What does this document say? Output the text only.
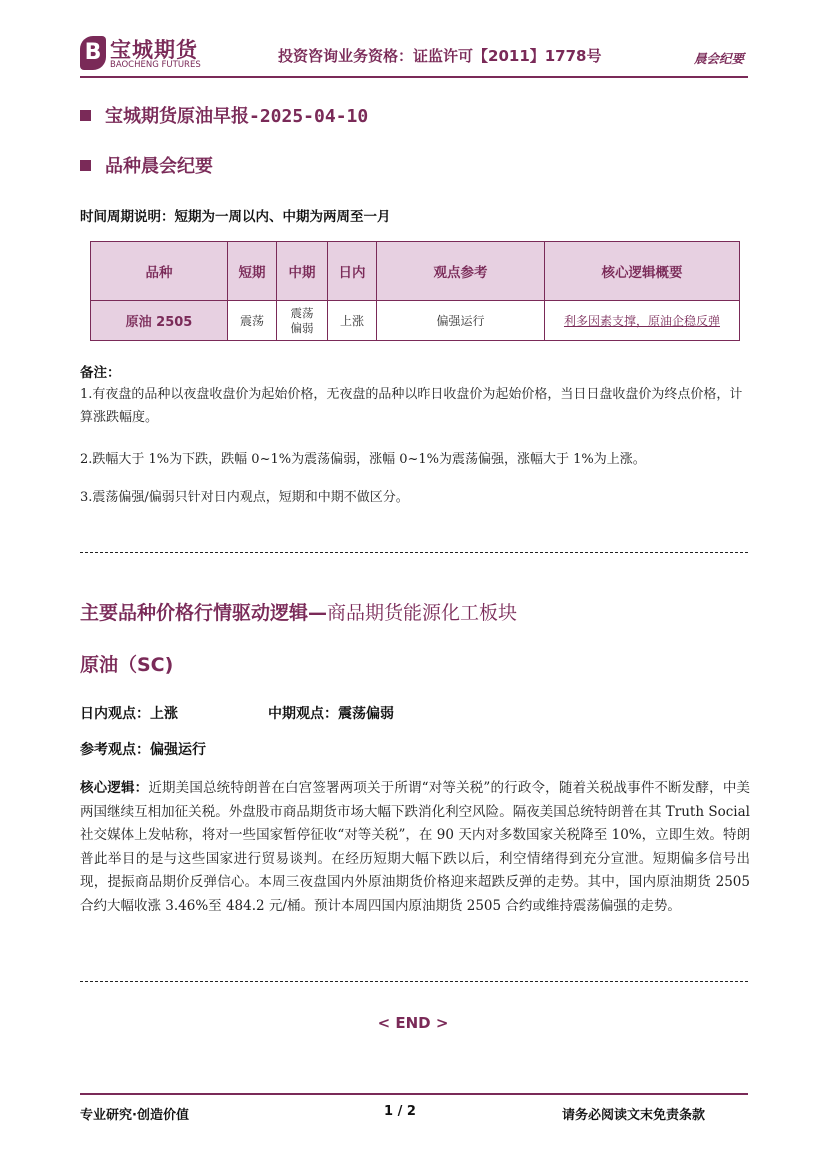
B 宝城期货
BAOCHENG FUTURES	投资咨询业务资格：证监许可【2011】1778号	晨会纪要
宝城期货原油早报-2025-04-10
品种晨会纪要
时间周期说明：短期为一周以内、中期为两周至一月
品种	短期	中期	日内	观点参考	核心逻辑概要
原油 2505	震荡	震荡偏弱	上涨	偏强运行	利多因素支撑，原油企稳反弹
备注：
1.有夜盘的品种以夜盘收盘价为起始价格，无夜盘的品种以昨日收盘价为起始价格，当日日盘收盘价为终点价格，计算涨跌幅度。
2.跌幅大于 1%为下跌，跌幅 0~1%为震荡偏弱，涨幅 0~1%为震荡偏强，涨幅大于 1%为上涨。
3.震荡偏强/偏弱只针对日内观点，短期和中期不做区分。
主要品种价格行情驱动逻辑—商品期货能源化工板块
原油（SC)
日内观点：上涨	中期观点：震荡偏弱
参考观点：偏强运行
核心逻辑：近期美国总统特朗普在白宫签署两项关于所谓“对等关税”的行政令，随着关税战事件不断发酵，中美两国继续互相加征关税。外盘股市商品期货市场大幅下跌消化利空风险。隔夜美国总统特朗普在其 Truth Social 社交媒体上发帖称，将对一些国家暂停征收“对等关税”，在 90 天内对多数国家关税降至 10%，立即生效。特朗普此举目的是与这些国家进行贸易谈判。在经历短期大幅下跌以后，利空情绪得到充分宣泄。短期偏多信号出现，提振商品期价反弹信心。本周三夜盘国内外原油期货价格迎来超跌反弹的走势。其中，国内原油期货 2505 合约大幅收涨 3.46%至 484.2 元/桶。预计本周四国内原油期货 2505 合约或维持震荡偏强的走势。
< END >
专业研究·创造价值	1 / 2	请务必阅读文末免责条款
